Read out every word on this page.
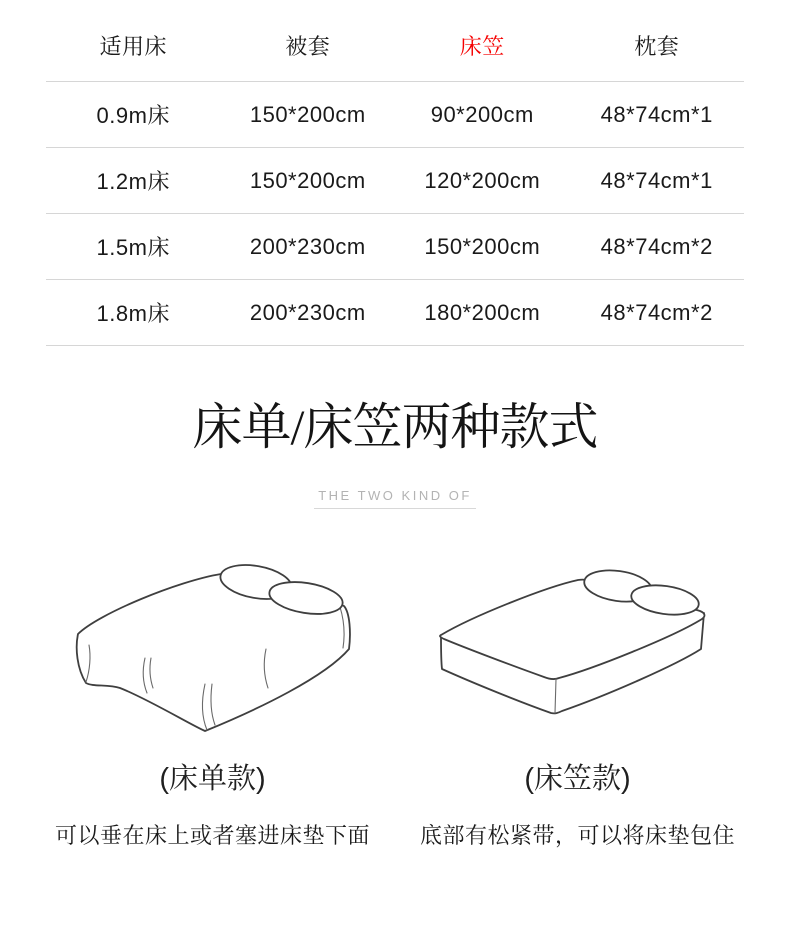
适用床	被套	床笠	枕套
0.9m床	150*200cm	90*200cm	48*74cm*1
1.2m床	150*200cm	120*200cm	48*74cm*1
1.5m床	200*230cm	150*200cm	48*74cm*2
1.8m床	200*230cm	180*200cm	48*74cm*2
床单/床笠两种款式

THE TWO KIND OF
(床单款)
可以垂在床上或者塞进床垫下面
(床笠款)
底部有松紧带，可以将床垫包住
